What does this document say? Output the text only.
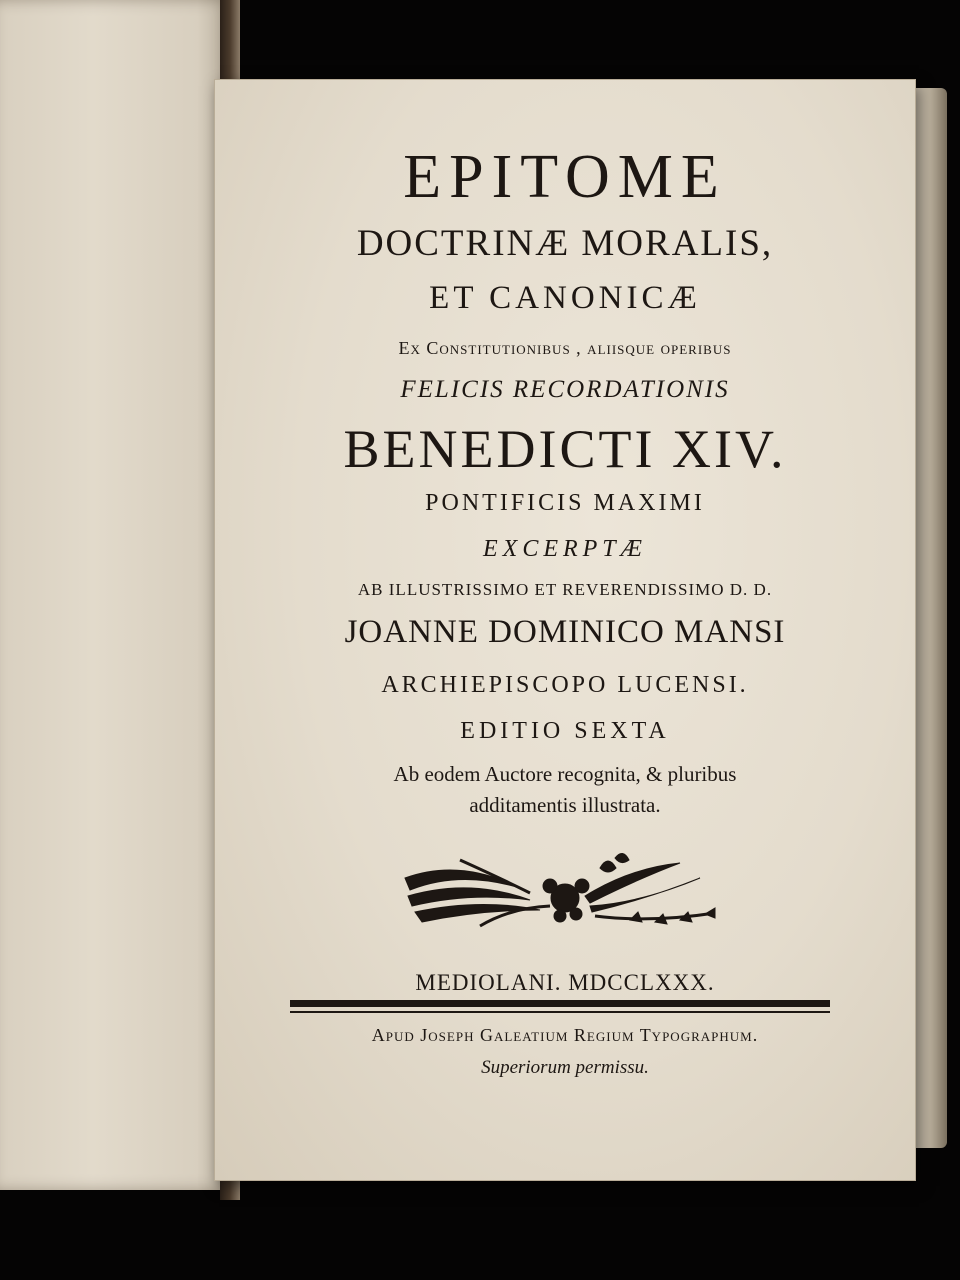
EPITOME
DOCTRINÆ MORALIS,
ET CANONICÆ
Ex Constitutionibus , aliisque operibus
FELICIS RECORDATIONIS
BENEDICTI XIV.
PONTIFICIS MAXIMI
EXCERPTÆ
AB ILLUSTRISSIMO ET REVERENDISSIMO D. D.
JOANNE DOMINICO MANSI
ARCHIEPISCOPO LUCENSI.
EDITIO SEXTA
Ab eodem Auctore recognita, & pluribus
additamentis illustrata.
MEDIOLANI. MDCCLXXX.
Apud Joseph Galeatium Regium Typographum.
Superiorum permissu.
